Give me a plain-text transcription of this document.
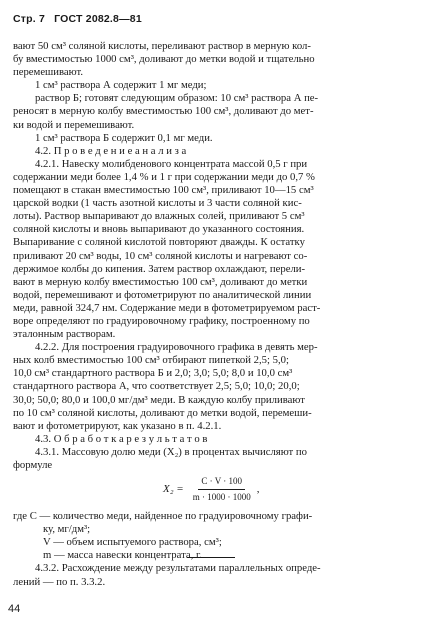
Стр. 7 ГОСТ 2082.8—81

вают 50 см³ соляной кислоты, переливают раствор в мерную кол-

бу вместимостью 1000 см³, доливают до метки водой и тщательно

перемешивают.

1 см³ раствора А содержит 1 мг меди;

раствор Б; готовят следующим образом: 10 см³ раствора А пе-

реносят в мерную колбу вместимостью 100 см³, доливают до мет-

ки водой и перемешивают.

1 см³ раствора Б содержит 0,1 мг меди.

4.2. П р о в е д е н и е а н а л и з а

4.2.1. Навеску молибденового концентрата массой 0,5 г при

содержании меди более 1,4 % и 1 г при содержании меди до 0,7 %

помещают в стакан вместимостью 100 см³, приливают 10—15 см³

царской водки (1 часть азотной кислоты и 3 части соляной кис-

лоты). Раствор выпаривают до влажных солей, приливают 5 см³

соляной кислоты и вновь выпаривают до указанного состояния.

Выпаривание с соляной кислотой повторяют дважды. К остатку

приливают 20 см³ воды, 10 см³ соляной кислоты и нагревают со-

держимое колбы до кипения. Затем раствор охлаждают, перели-

вают в мерную колбу вместимостью 100 см³, доливают до метки

водой, перемешивают и фотометрируют по аналитической линии

меди, равной 324,7 нм. Содержание меди в фотометрируемом раст-

воре определяют по градуировочному графику, построенному по

эталонным растворам.

4.2.2. Для построения градуировочного графика в девять мер-

ных колб вместимостью 100 см³ отбирают пипеткой 2,5; 5,0;

10,0 см³ стандартного раствора Б и 2,0; 3,0; 5,0; 8,0 и 10,0 см³

стандартного раствора А, что соответствует 2,5; 5,0; 10,0; 20,0;

30,0; 50,0; 80,0 и 100,0 мг/дм³ меди. В каждую колбу приливают

по 10 см³ соляной кислоты, доливают до метки водой, перемеши-

вают и фотометрируют, как указано в п. 4.2.1.

4.3. О б р а б о т к а р е з у л ь т а т о в

4.3.1. Массовую долю меди (X₂) в процентах вычисляют по

формуле

$X_2 = \frac{C \cdot V \cdot 100}{m \cdot 1000 \cdot 1000}$ ,

где C — количество меди, найденное по градуировочному графи-

ку, мг/дм³;

V — объем испытуемого раствора, см³;

m — масса навески концентрата, г.

4.3.2. Расхождение между результатами параллельных опреде-

лений — по п. 3.3.2.

44
